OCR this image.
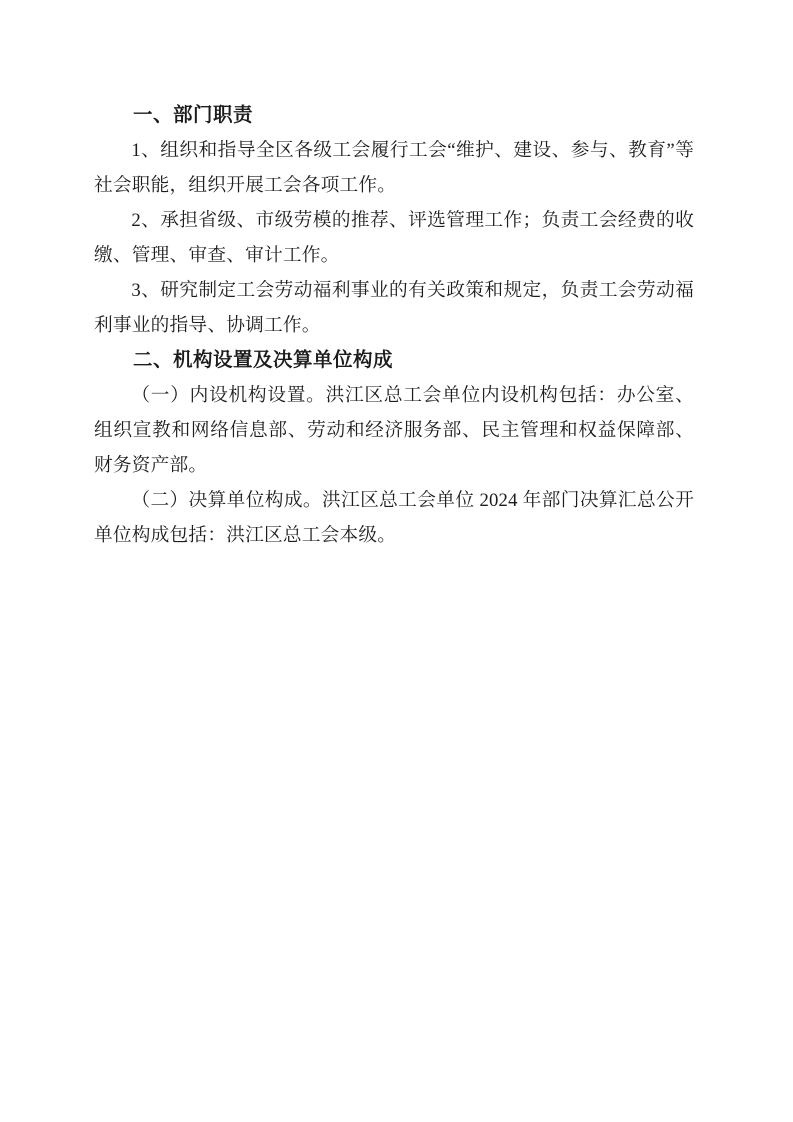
一、部门职责

1、组织和指导全区各级工会履行工会“维护、建设、参与、教育”等社会职能，组织开展工会各项工作。

2、承担省级、市级劳模的推荐、评选管理工作；负责工会经费的收缴、管理、审查、审计工作。

3、研究制定工会劳动福利事业的有关政策和规定，负责工会劳动福利事业的指导、协调工作。

二、机构设置及决算单位构成

（一）内设机构设置。洪江区总工会单位内设机构包括：办公室、组织宣教和网络信息部、劳动和经济服务部、民主管理和权益保障部、财务资产部。

（二）决算单位构成。洪江区总工会单位 2024 年部门决算汇总公开单位构成包括：洪江区总工会本级。
